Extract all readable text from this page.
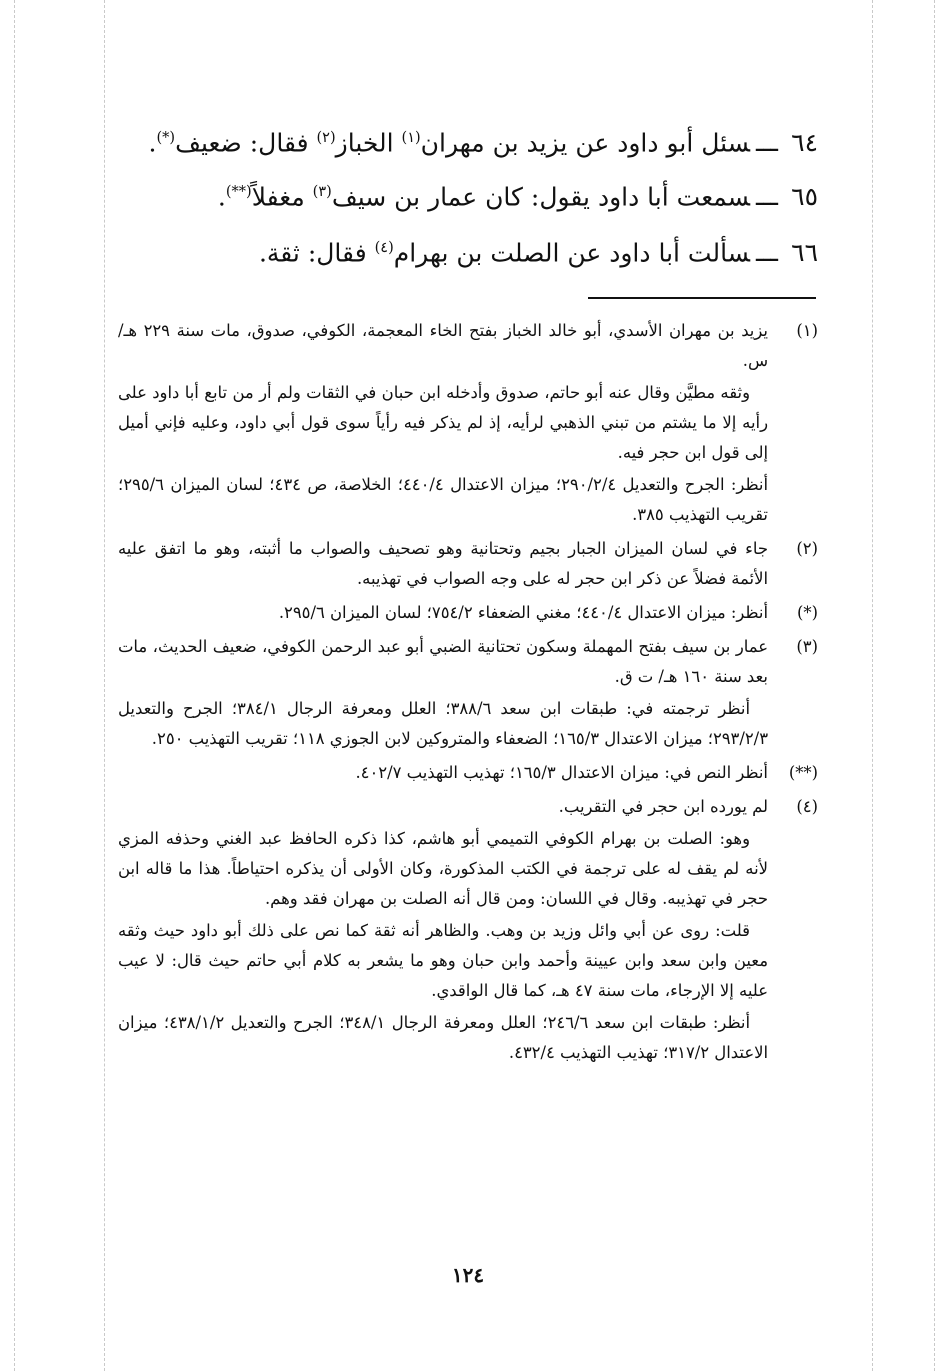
٦٤ـــسئل أبو داود عن يزيد بن مهران$^{(١)}$ الخباز$^{(٢)}$ فقال: ضعيف(*).
٦٥ـــسمعت أبا داود يقول: كان عمار بن سيف$^{(٣)}$ مغفلاً(**).
٦٦ـــسألت أبا داود عن الصلت بن بهرام$^{(٤)}$ فقال: ثقة.
(١)

يزيد بن مهران الأسدي، أبو خالد الخباز بفتح الخاء المعجمة، الكوفي، صدوق، مات سنة ٢٢٩ هـ/ س.

وثقه مطيَّن وقال عنه أبو حاتم، صدوق وأدخله ابن حبان في الثقات ولم أر من تابع أبا داود على رأيه إلا ما يشتم من تبني الذهبي لرأيه، إذ لم يذكر فيه رأياً سوى قول أبي داود، وعليه فإني أميل إلى قول ابن حجر فيه.

أنظر: الجرح والتعديل ٢٩٠/٢/٤؛ ميزان الاعتدال ٤٤٠/٤؛ الخلاصة، ص ٤٣٤؛ لسان الميزان ٢٩٥/٦؛ تقريب التهذيب ٣٨٥.

(٢)

جاء في لسان الميزان الجبار بجيم وتحتانية وهو تصحيف والصواب ما أثبته، وهو ما اتفق عليه الأئمة فضلاً عن ذكر ابن حجر له على وجه الصواب في تهذيبه.

(*)

أنظر: ميزان الاعتدال ٤٤٠/٤؛ مغني الضعفاء ٧٥٤/٢؛ لسان الميزان ٢٩٥/٦.

(٣)

عمار بن سيف بفتح المهملة وسكون تحتانية الضبي أبو عبد الرحمن الكوفي، ضعيف الحديث، مات بعد سنة ١٦٠ هـ/ ت ق.

أنظر ترجمته في: طبقات ابن سعد ٣٨٨/٦؛ العلل ومعرفة الرجال ٣٨٤/١؛ الجرح والتعديل ٢٩٣/٢/٣؛ ميزان الاعتدال ١٦٥/٣؛ الضعفاء والمتروكين لابن الجوزي ١١٨؛ تقريب التهذيب ٢٥٠.

(**)

أنظر النص في: ميزان الاعتدال ١٦٥/٣؛ تهذيب التهذيب ٤٠٢/٧.

(٤)

لم يورده ابن حجر في التقريب.

وهو: الصلت بن بهرام الكوفي التميمي أبو هاشم، كذا ذكره الحافظ عبد الغني وحذفه المزي لأنه لم يقف له على ترجمة في الكتب المذكورة، وكان الأولى أن يذكره احتياطاً. هذا ما قاله ابن حجر في تهذيبه. وقال في اللسان: ومن قال أنه الصلت بن مهران فقد وهم.

قلت: روى عن أبي وائل وزيد بن وهب. والظاهر أنه ثقة كما نص على ذلك أبو داود حيث وثقه معين وابن سعد وابن عيينة وأحمد وابن حبان وهو ما يشعر به كلام أبي حاتم حيث قال: لا عيب عليه إلا الإرجاء، مات سنة ٤٧ هـ، كما قال الواقدي.

أنظر: طبقات ابن سعد ٢٤٦/٦؛ العلل ومعرفة الرجال ٣٤٨/١؛ الجرح والتعديل ٤٣٨/١/٢؛ ميزان الاعتدال ٣١٧/٢؛ تهذيب التهذيب ٤٣٢/٤.

١٢٤
